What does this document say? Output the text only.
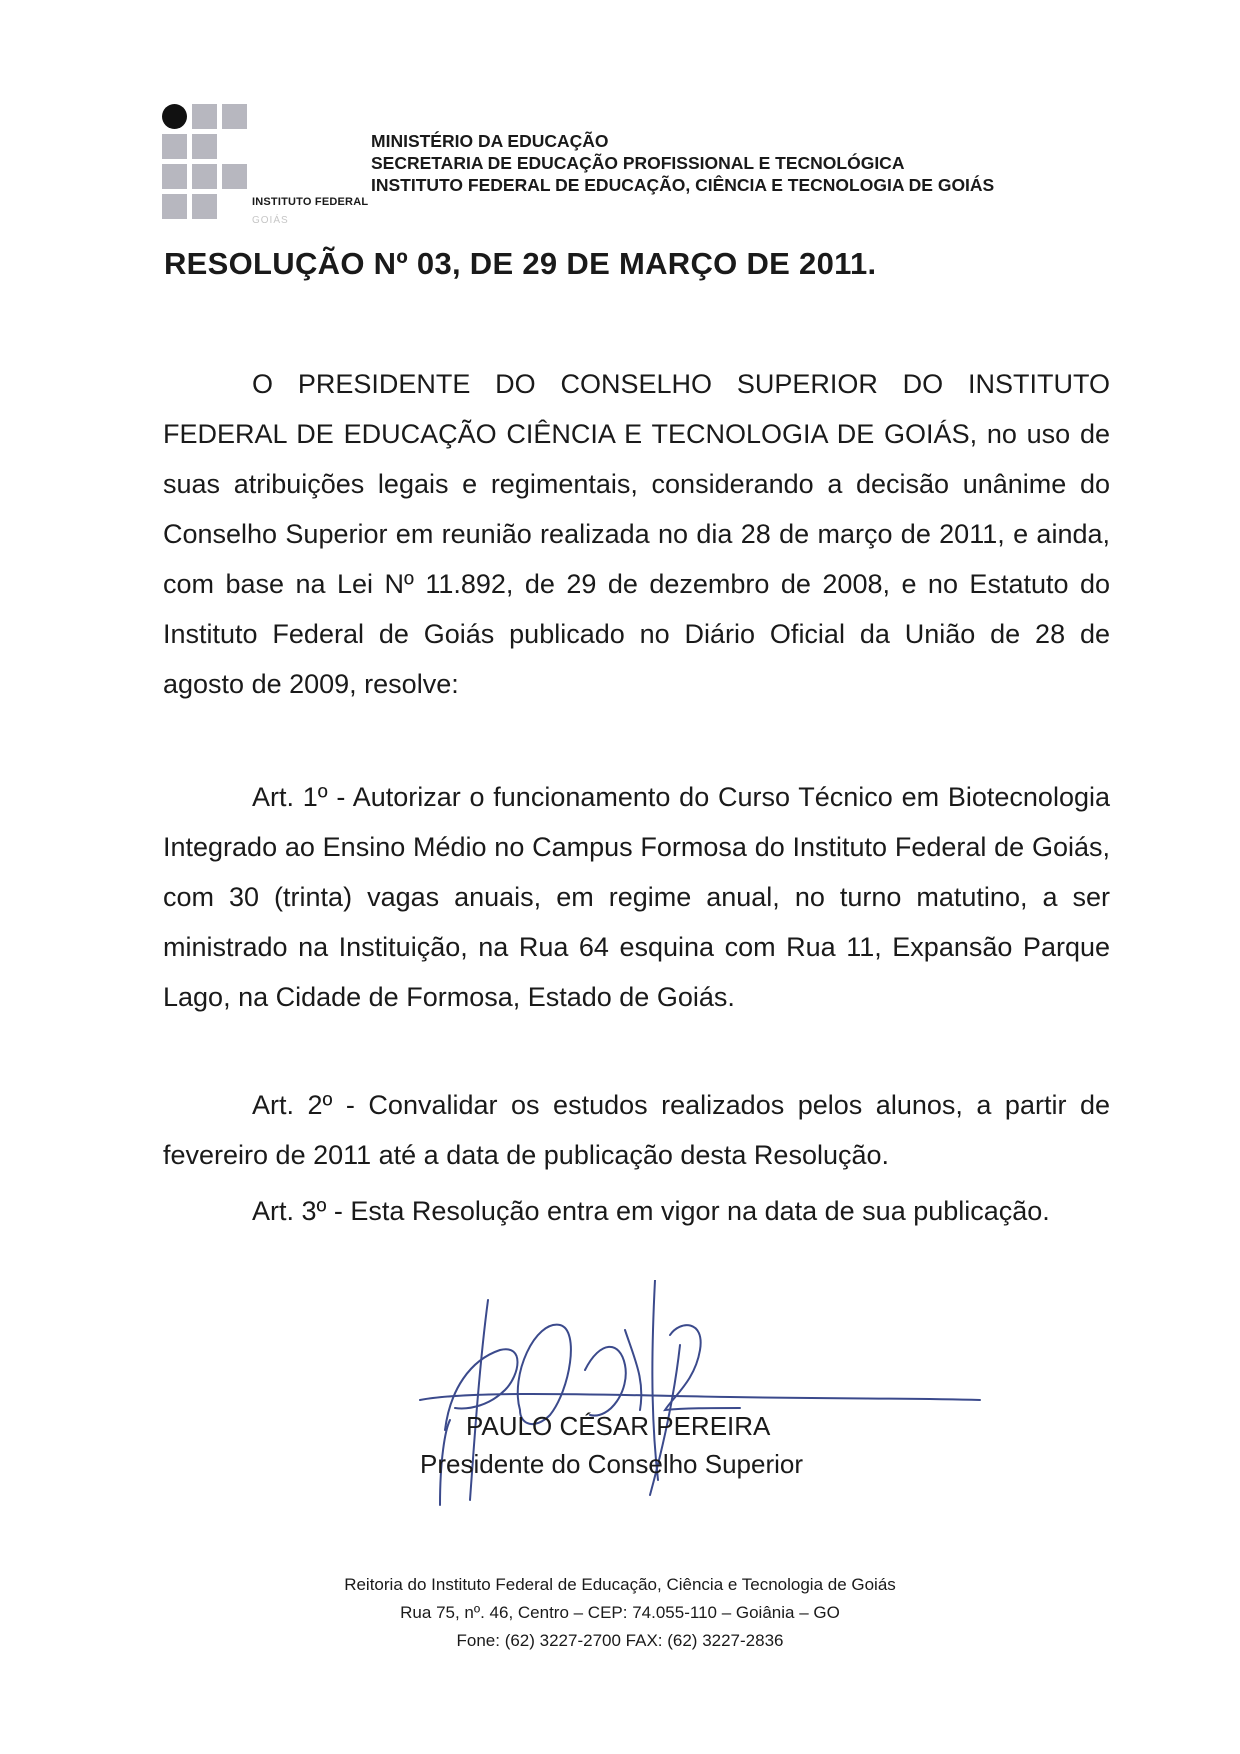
INSTITUTO FEDERAL
GOIÁS
MINISTÉRIO DA EDUCAÇÃO
SECRETARIA DE EDUCAÇÃO PROFISSIONAL E TECNOLÓGICA
INSTITUTO FEDERAL DE EDUCAÇÃO, CIÊNCIA E TECNOLOGIA DE GOIÁS
RESOLUÇÃO Nº 03, DE 29 DE MARÇO DE 2011.

O PRESIDENTE DO CONSELHO SUPERIOR DO INSTITUTO FEDERAL DE EDUCAÇÃO CIÊNCIA E TECNOLOGIA DE GOIÁS, no uso de suas atribuições legais e regimentais, considerando a decisão unânime do Conselho Superior em reunião realizada no dia 28 de março de 2011, e ainda, com base na Lei Nº 11.892, de 29 de dezembro de 2008, e no Estatuto do Instituto Federal de Goiás publicado no Diário Oficial da União de 28 de agosto de 2009, resolve:

Art. 1º - Autorizar o funcionamento do Curso Técnico em Biotecnologia Integrado ao Ensino Médio no Campus Formosa do Instituto Federal de Goiás, com 30 (trinta) vagas anuais, em regime anual, no turno matutino, a ser ministrado na Instituição, na Rua 64 esquina com Rua 11, Expansão Parque Lago, na Cidade de Formosa, Estado de Goiás.

Art. 2º - Convalidar os estudos realizados pelos alunos, a partir de fevereiro de 2011 até a data de publicação desta Resolução.

Art. 3º - Esta Resolução entra em vigor na data de sua publicação.

PAULO CÉSAR PEREIRA
Presidente do Conselho Superior
Reitoria do Instituto Federal de Educação, Ciência e Tecnologia de Goiás
Rua 75, nº. 46, Centro – CEP: 74.055-110 – Goiânia – GO
Fone: (62) 3227-2700 FAX: (62) 3227-2836
